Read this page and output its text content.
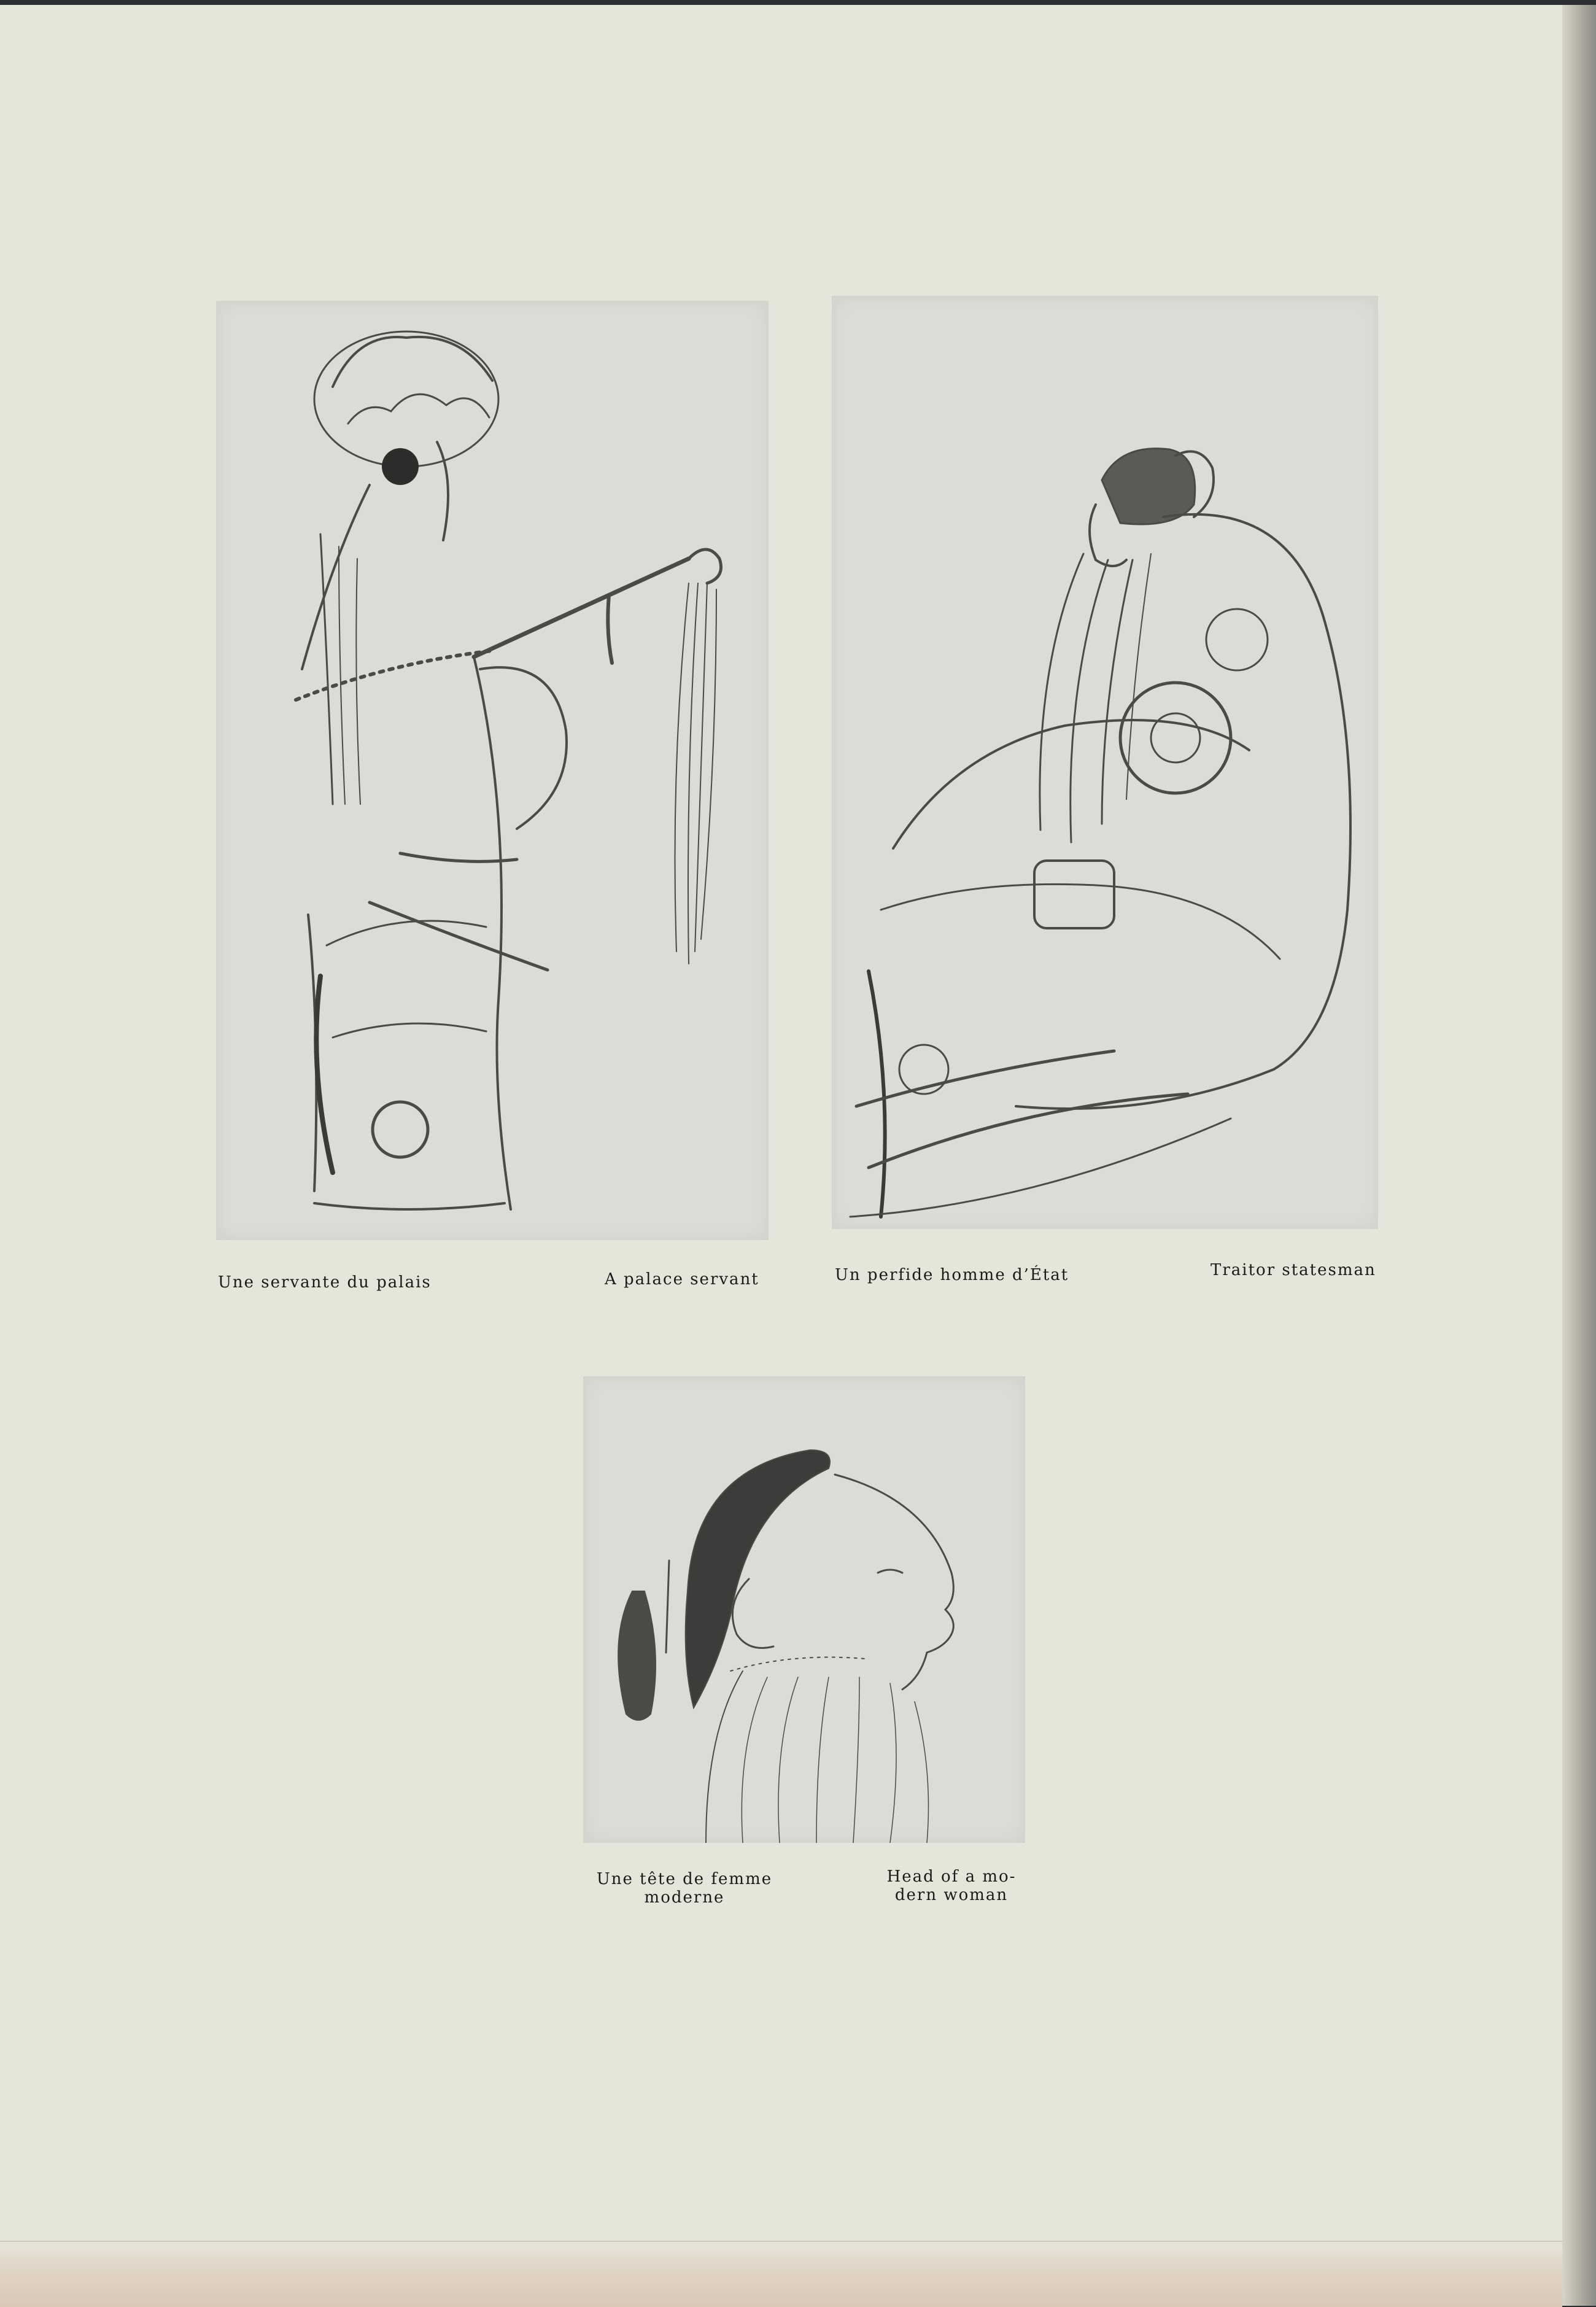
Une servante du palais	A palace servant	Un perfide homme d’État	Traitor statesman
Une tête de femme
moderne
Head of a mo-
dern woman
